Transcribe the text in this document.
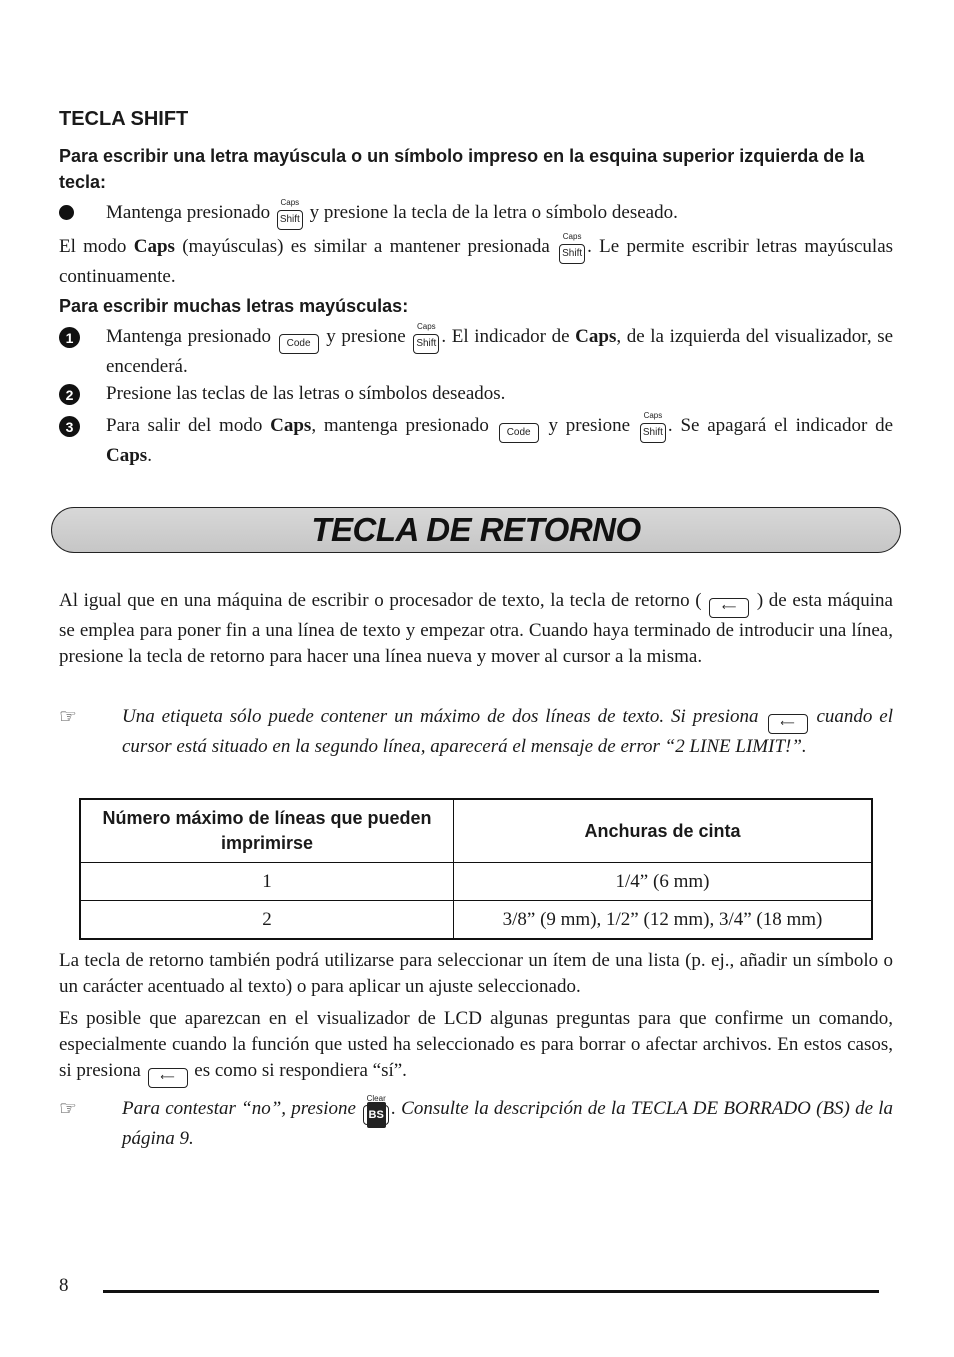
TECLA SHIFT

Para escribir una letra mayúscula o un símbolo impreso en la esquina superior izquierda de la tecla:

Mantenga presionado	Caps
Shift y presione la tecla de la letra o símbolo deseado.

El modo Caps (mayúsculas) es similar a mantener presionada	Caps
Shift . Le permite escribir letras mayúsculas continuamente.

Para escribir muchas letras mayúsculas:

1	Mantenga presionado Code y presione	Caps
Shift . El indicador de Caps, de la izquierda del visualizador, se encenderá.

2	Presione las teclas de las letras o símbolos deseados.

3	Para salir del modo Caps, mantenga presionado Code y presione	Caps
Shift . Se apagará el indicador de Caps.

TECLA DE RETORNO

Al igual que en una máquina de escribir o procesador de texto, la tecla de retorno ( ⟵ ) de esta máquina se emplea para poner fin a una línea de texto y empezar otra. Cuando haya terminado de introducir una línea, presione la tecla de retorno para hacer una línea nueva y mover al cursor a la misma.

☞ Una etiqueta sólo puede contener un máximo de dos líneas de texto. Si presiona ⟵ cuando el cursor está situado en la segundo línea, aparecerá el mensaje de error “2 LINE LIMIT!”.

Número máximo de líneas que pueden imprimirse	Anchuras de cinta
1	1/4” (6 mm)
2	3/8” (9 mm), 1/2” (12 mm), 3/4” (18 mm)

La tecla de retorno también podrá utilizarse para seleccionar un ítem de una lista (p. ej., añadir un símbolo o un carácter acentuado al texto) o para aplicar un ajuste seleccionado.

Es posible que aparezcan en el visualizador de LCD algunas preguntas para que confirme un comando, especialmente cuando la función que usted ha seleccionado es para borrar o afectar archivos. En estos casos, si presiona ⟵ es como si respondiera “sí”.

☞ Para contestar “no”, presione	Clear
BS . Consulte la descripción de la TECLA DE BORRADO (BS) de la página 9.

8
